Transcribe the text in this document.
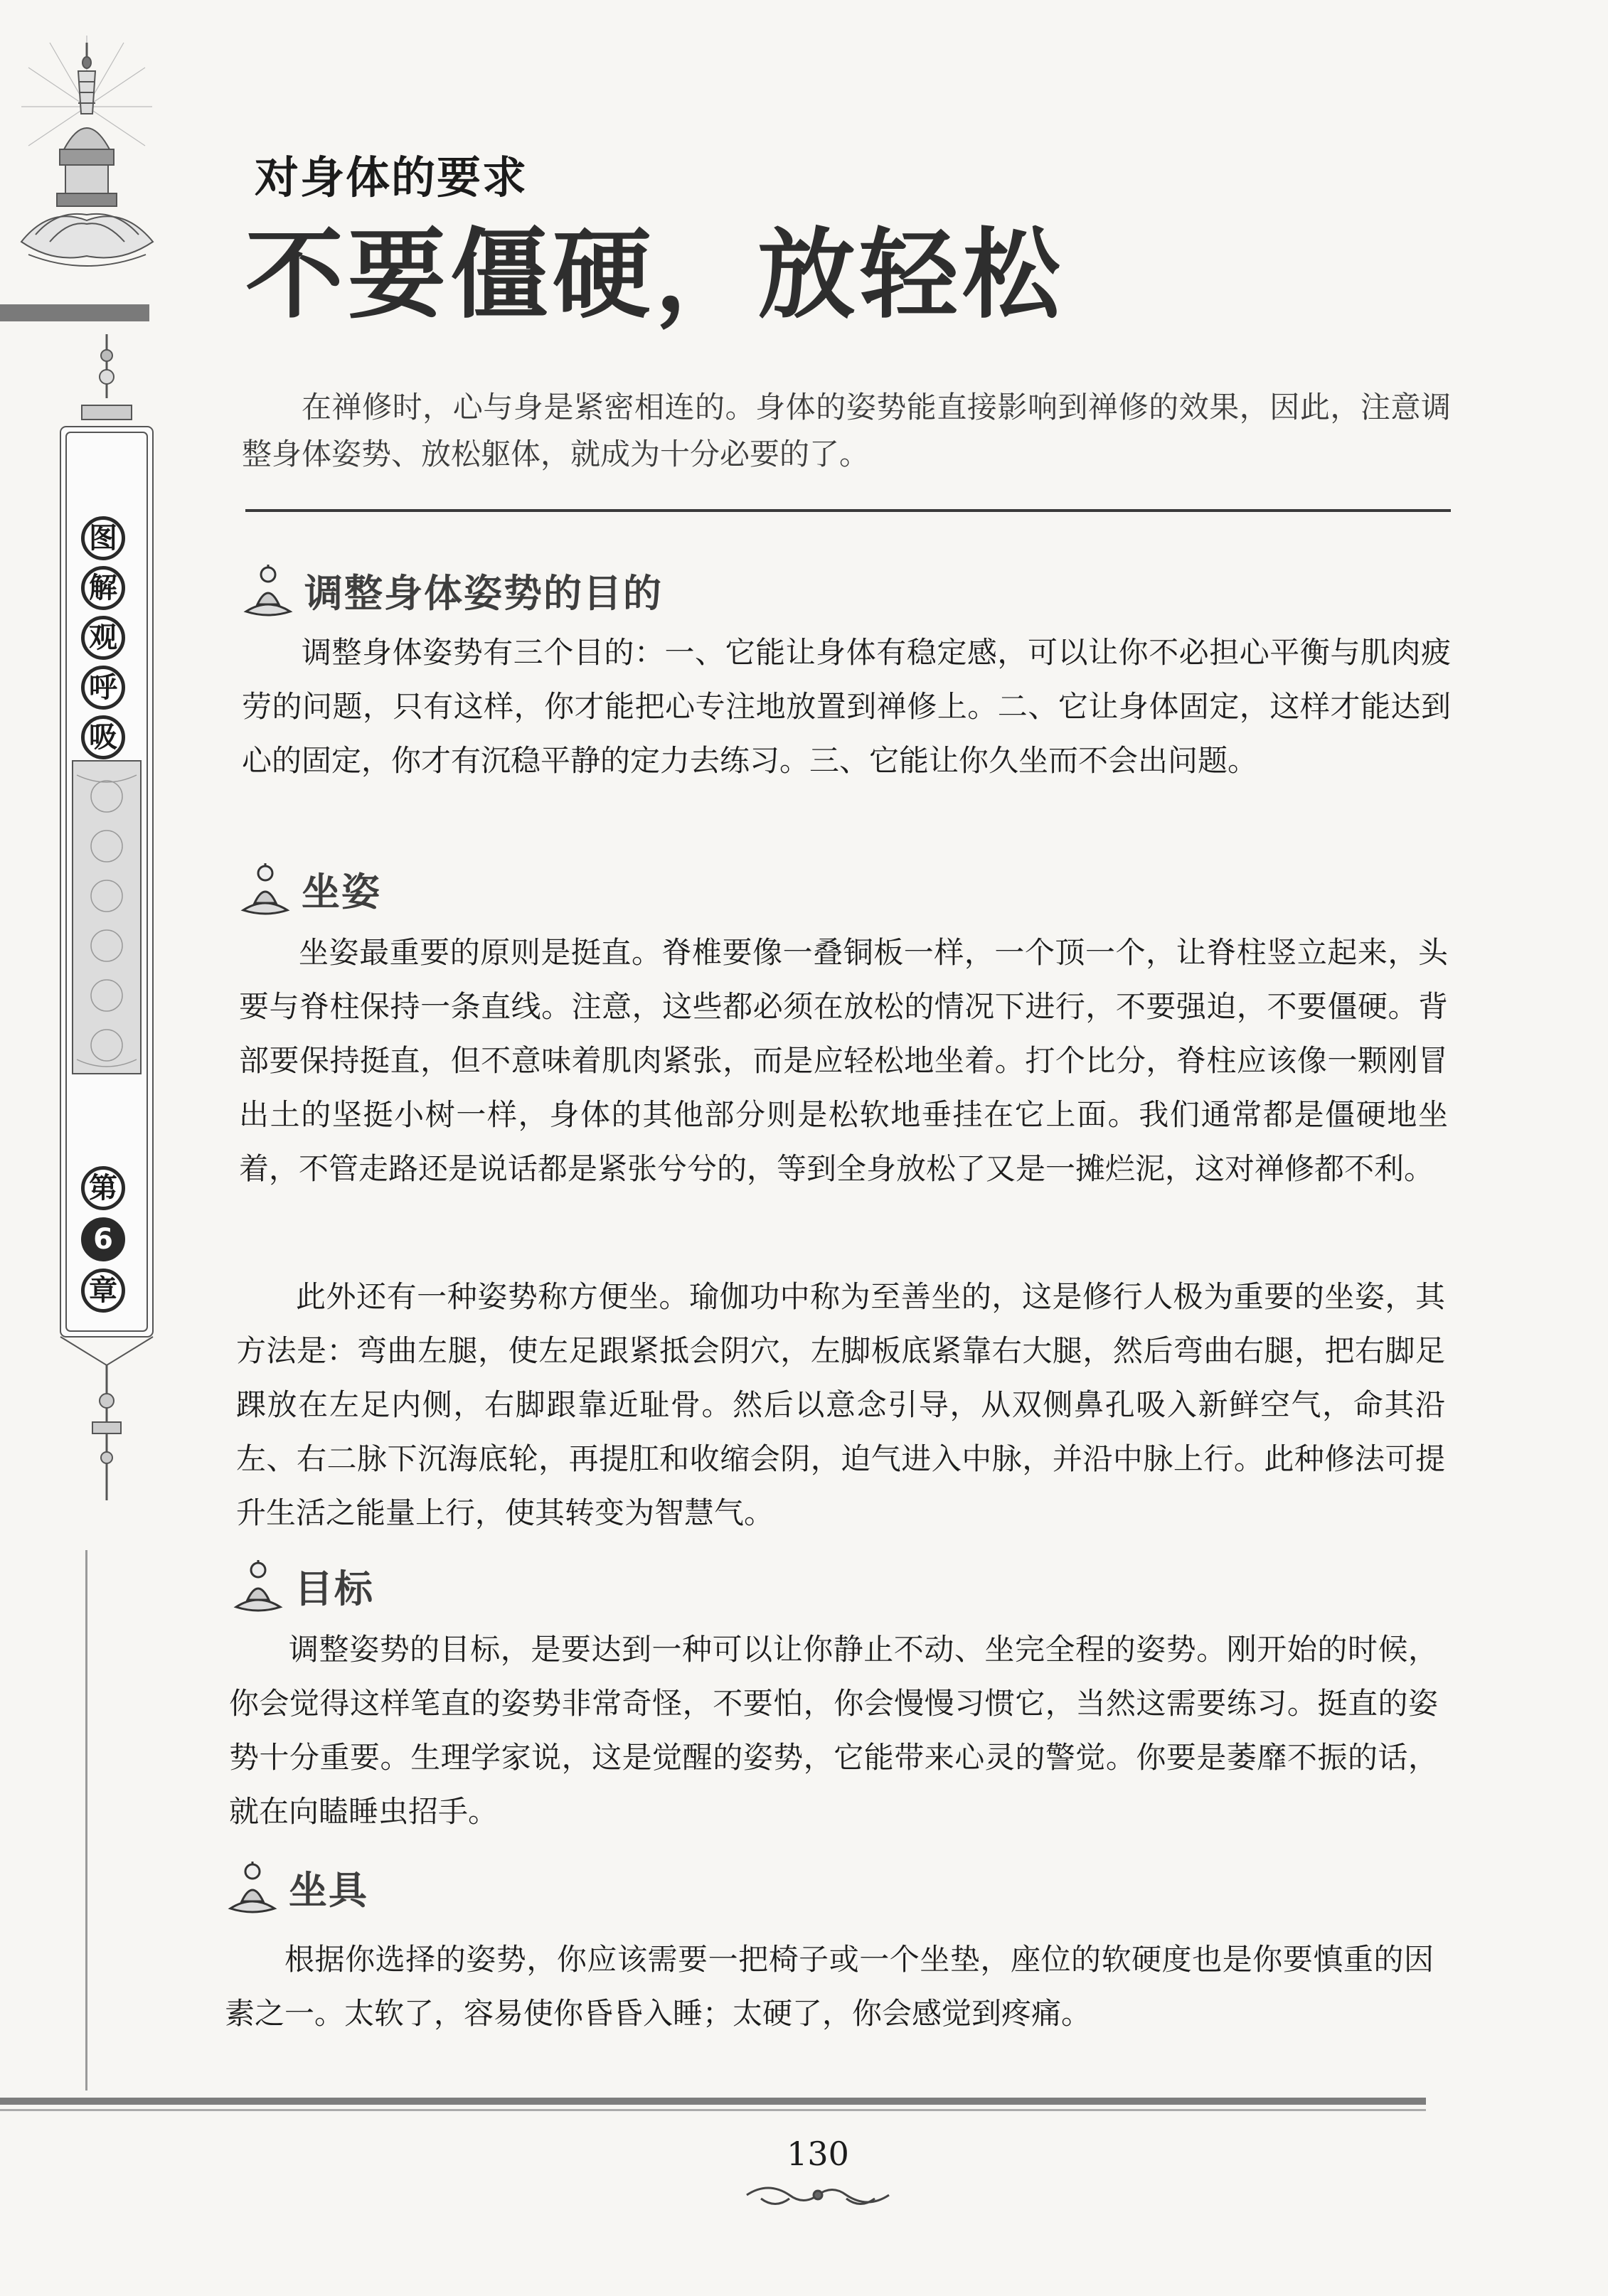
图
解
观
呼
吸
第
6
章
对身体的要求
不要僵硬，放轻松

在禅修时，心与身是紧密相连的。身体的姿势能直接影响到禅修的效果，因此，注意调整身体姿势、放松躯体，就成为十分必要的了。

调整身体姿势的目的

调整身体姿势有三个目的：一、它能让身体有稳定感，可以让你不必担心平衡与肌肉疲劳的问题，只有这样，你才能把心专注地放置到禅修上。二、它让身体固定，这样才能达到心的固定，你才有沉稳平静的定力去练习。三、它能让你久坐而不会出问题。

坐姿

坐姿最重要的原则是挺直。脊椎要像一叠铜板一样，一个顶一个，让脊柱竖立起来，头要与脊柱保持一条直线。注意，这些都必须在放松的情况下进行，不要强迫，不要僵硬。背部要保持挺直，但不意味着肌肉紧张，而是应轻松地坐着。打个比分，脊柱应该像一颗刚冒出土的坚挺小树一样，身体的其他部分则是松软地垂挂在它上面。我们通常都是僵硬地坐着，不管走路还是说话都是紧张兮兮的，等到全身放松了又是一摊烂泥，这对禅修都不利。

此外还有一种姿势称方便坐。瑜伽功中称为至善坐的，这是修行人极为重要的坐姿，其方法是：弯曲左腿，使左足跟紧抵会阴穴，左脚板底紧靠右大腿，然后弯曲右腿，把右脚足踝放在左足内侧，右脚跟靠近耻骨。然后以意念引导，从双侧鼻孔吸入新鲜空气，命其沿左、右二脉下沉海底轮，再提肛和收缩会阴，迫气进入中脉，并沿中脉上行。此种修法可提升生活之能量上行，使其转变为智慧气。

目标

调整姿势的目标，是要达到一种可以让你静止不动、坐完全程的姿势。刚开始的时候，你会觉得这样笔直的姿势非常奇怪，不要怕，你会慢慢习惯它，当然这需要练习。挺直的姿势十分重要。生理学家说，这是觉醒的姿势，它能带来心灵的警觉。你要是萎靡不振的话，就在向瞌睡虫招手。

坐具

根据你选择的姿势，你应该需要一把椅子或一个坐垫，座位的软硬度也是你要慎重的因素之一。太软了，容易使你昏昏入睡；太硬了，你会感觉到疼痛。

130
